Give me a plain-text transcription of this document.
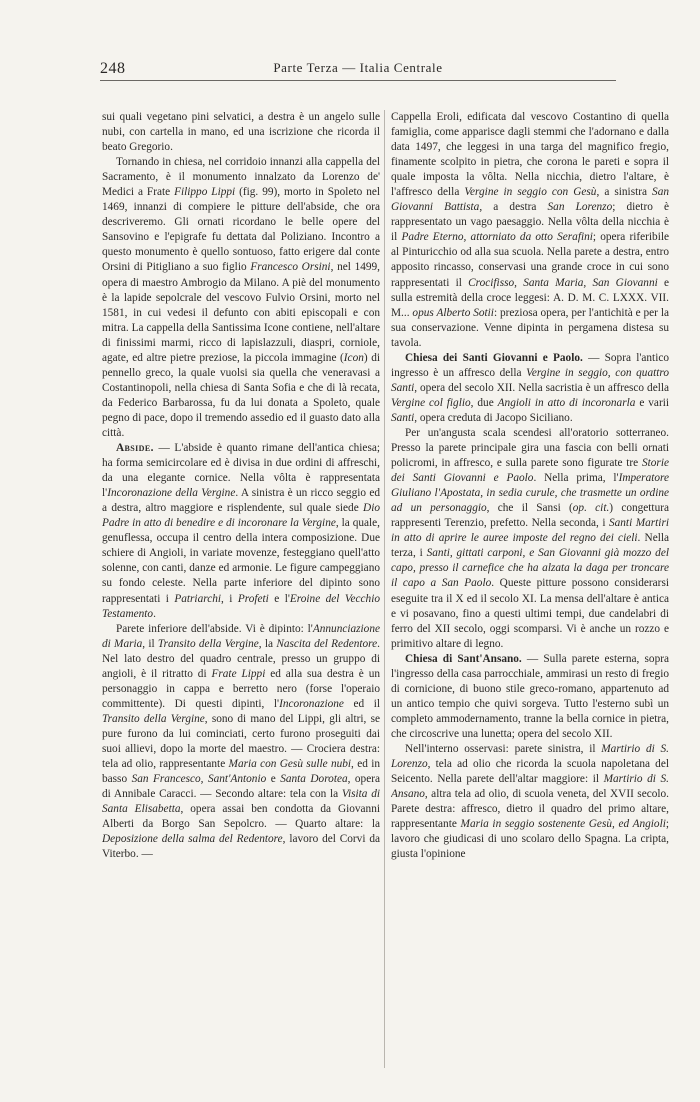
248	Parte Terza — Italia Centrale

sui quali vegetano pini selvatici, a destra è un angelo sulle nubi, con cartella in mano, ed una iscrizione che ricorda il beato Gregorio.

Tornando in chiesa, nel corridoio innanzi alla cappella del Sacramento, è il monumento innalzato da Lorenzo de' Medici a Frate Filippo Lippi (fig. 99), morto in Spoleto nel 1469, innanzi di compiere le pitture dell'abside, che ora descriveremo. Gli ornati ricordano le belle opere del Sansovino e l'epigrafe fu dettata dal Poliziano. Incontro a questo monumento è quello sontuoso, fatto erigere dal conte Orsini di Pitigliano a suo figlio Francesco Orsini, nel 1499, opera di maestro Ambrogio da Milano. A piè del monumento è la lapide sepolcrale del vescovo Fulvio Orsini, morto nel 1581, in cui vedesi il defunto con abiti episcopali e con mitra. La cappella della Santissima Icone contiene, nell'altare di finissimi marmi, ricco di lapislazzuli, diaspri, corniole, agate, ed altre pietre preziose, la piccola immagine (Icon) di pennello greco, la quale vuolsi sia quella che veneravasi a Costantinopoli, nella chiesa di Santa Sofia e che di là recata, da Federico Barbarossa, fu da lui donata a Spoleto, quale pegno di pace, dopo il tremendo assedio ed il guasto dato alla città.

Abside. — L'abside è quanto rimane dell'antica chiesa; ha forma semicircolare ed è divisa in due ordini di affreschi, da una elegante cornice. Nella vôlta è rappresentata l'Incoronazione della Vergine. A sinistra è un ricco seggio ed a destra, altro maggiore e risplendente, sul quale siede Dio Padre in atto di benedire e di incoronare la Vergine, la quale, genuflessa, occupa il centro della intera composizione. Due schiere di Angioli, in variate movenze, festeggiano quell'atto solenne, con canti, danze ed armonie. Le figure campeggiano su fondo celeste. Nella parte inferiore del dipinto sono rappresentati i Patriarchi, i Profeti e l'Eroine del Vecchio Testamento.

Parete inferiore dell'abside. Vi è dipinto: l'Annunciazione di Maria, il Transito della Vergine, la Nascita del Redentore. Nel lato destro del quadro centrale, presso un gruppo di angioli, è il ritratto di Frate Lippi ed alla sua destra è un personaggio in cappa e berretto nero (forse l'operaio committente). Di questi dipinti, l'Incoronazione ed il Transito della Vergine, sono di mano del Lippi, gli altri, se pure furono da lui cominciati, certo furono proseguiti dai suoi allievi, dopo la morte del maestro. — Crociera destra: tela ad olio, rappresentante Maria con Gesù sulle nubi, ed in basso San Francesco, Sant'Antonio e Santa Dorotea, opera di Annibale Caracci. — Secondo altare: tela con la Visita di Santa Elisabetta, opera assai ben condotta da Giovanni Alberti da Borgo San Sepolcro. — Quarto altare: la Deposizione della salma del Redentore, lavoro del Corvi da Viterbo. —

Cappella Eroli, edificata dal vescovo Costantino di quella famiglia, come apparisce dagli stemmi che l'adornano e dalla data 1497, che leggesi in una targa del magnifico fregio, finamente scolpito in pietra, che corona le pareti e sopra il quale imposta la vôlta. Nella nicchia, dietro l'altare, è l'affresco della Vergine in seggio con Gesù, a sinistra San Giovanni Battista, a destra San Lorenzo; dietro è rappresentato un vago paesaggio. Nella vôlta della nicchia è il Padre Eterno, attorniato da otto Serafini; opera riferibile al Pinturicchio od alla sua scuola. Nella parete a destra, entro apposito rincasso, conservasi una grande croce in cui sono rappresentati il Crocifisso, Santa Maria, San Giovanni e sulla estremità della croce leggesi: A. D. M. C. LXXX. VII. M... opus Alberto Sotii: preziosa opera, per l'antichità e per la sua conservazione. Venne dipinta in pergamena distesa su tavola.

Chiesa dei Santi Giovanni e Paolo. — Sopra l'antico ingresso è un affresco della Vergine in seggio, con quattro Santi, opera del secolo XII. Nella sacristia è un affresco della Vergine col figlio, due Angioli in atto di incoronarla e varii Santi, opera creduta di Jacopo Siciliano.

Per un'angusta scala scendesi all'oratorio sotterraneo. Presso la parete principale gira una fascia con belli ornati policromi, in affresco, e sulla parete sono figurate tre Storie dei Santi Giovanni e Paolo. Nella prima, l'Imperatore Giuliano l'Apostata, in sedia curule, che trasmette un ordine ad un personaggio, che il Sansi (op. cit.) congettura rappresenti Terenzio, prefetto. Nella seconda, i Santi Martiri in atto di aprire le auree imposte del regno dei cieli. Nella terza, i Santi, gittati carponi, e San Giovanni già mozzo del capo, presso il carnefice che ha alzata la daga per troncare il capo a San Paolo. Queste pitture possono considerarsi eseguite tra il X ed il secolo XI. La mensa dell'altare è antica e vi posavano, fino a questi ultimi tempi, due candelabri di ferro del XII secolo, oggi scomparsi. Vi è anche un rozzo e primitivo altare di legno.

Chiesa di Sant'Ansano. — Sulla parete esterna, sopra l'ingresso della casa parrocchiale, ammirasi un resto di fregio di cornicione, di buono stile greco-romano, appartenuto ad un antico tempio che quivi sorgeva. Tutto l'esterno subì un completo ammodernamento, tranne la bella cornice in pietra, che circoscrive una lunetta; opera del secolo XII.

Nell'interno osservasi: parete sinistra, il Martirio di S. Lorenzo, tela ad olio che ricorda la scuola napoletana del Seicento. Nella parete dell'altar maggiore: il Martirio di S. Ansano, altra tela ad olio, di scuola veneta, del XVII secolo. Parete destra: affresco, dietro il quadro del primo altare, rappresentante Maria in seggio sostenente Gesù, ed Angioli; lavoro che giudicasi di uno scolaro dello Spagna. La cripta, giusta l'opinione
